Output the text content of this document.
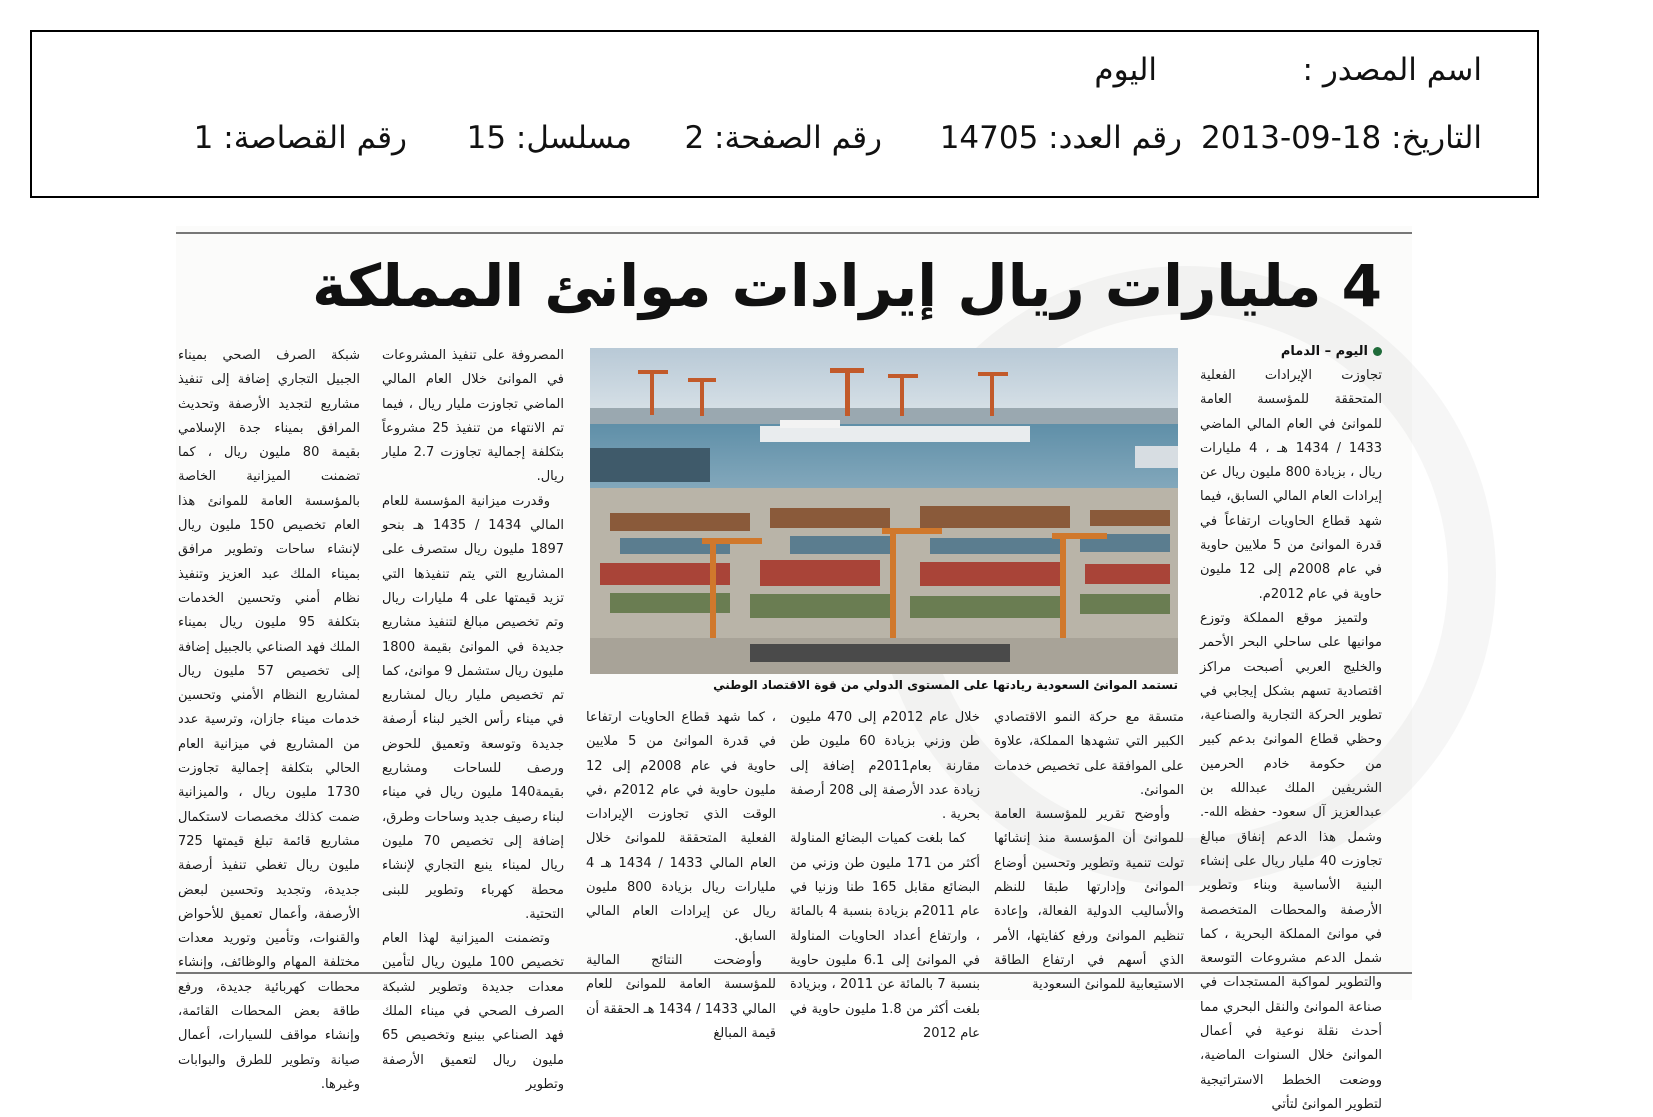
اسم المصدر :
اليوم
التاريخ: 18-09-2013
رقم العدد: 14705
رقم الصفحة: 2
مسلسل: 15
رقم القصاصة: 1
4 مليارات ريال إيرادات موانئ المملكة
اليوم – الدمام
تستمد الموانئ السعودية ريادتها على المستوى الدولي من قوة الاقتصاد الوطني

تجاوزت الإيرادات الفعلية المتحققة للمؤسسة العامة للموانئ في العام المالي الماضي 1433 / 1434 هـ ، 4 مليارات ريال ، بزيادة 800 مليون ريال عن إيرادات العام المالي السابق، فيما شهد قطاع الحاويات ارتفاعاً في قدرة الموانئ من 5 ملايين حاوية في عام 2008م إلى 12 مليون حاوية في عام 2012م.

ولتميز موقع المملكة وتوزع موانيها على ساحلي البحر الأحمر والخليج العربي أصبحت مراكز اقتصادية تسهم بشكل إيجابي في تطوير الحركة التجارية والصناعية، وحظي قطاع الموانئ بدعم كبير من حكومة خادم الحرمين الشريفين الملك عبدالله بن عبدالعزيز آل سعود- حفظه الله-. وشمل هذا الدعم إنفاق مبالغ تجاوزت 40 مليار ريال على إنشاء البنية الأساسية وبناء وتطوير الأرصفة والمحطات المتخصصة في موانئ المملكة البحرية ، كما شمل الدعم مشروعات التوسعة والتطوير لمواكبة المستجدات في صناعة الموانئ والنقل البحري مما أحدث نقلة نوعية في أعمال الموانئ خلال السنوات الماضية، ووضعت الخطط الاستراتيجية لتطوير الموانئ لتأتي

المصروفة على تنفيذ المشروعات في الموانئ خلال العام المالي الماضي تجاوزت مليار ريال ، فيما تم الانتهاء من تنفيذ 25 مشروعاً بتكلفة إجمالية تجاوزت 2.7 مليار ريال.

وقدرت ميزانية المؤسسة للعام المالي 1434 / 1435 هـ بنحو 1897 مليون ريال ستصرف على المشاريع التي يتم تنفيذها التي تزيد قيمتها على 4 مليارات ريال وتم تخصيص مبالغ لتنفيذ مشاريع جديدة في الموانئ بقيمة 1800 مليون ريال ستشمل 9 موانئ، كما تم تخصيص مليار ريال لمشاريع في ميناء رأس الخير لبناء أرصفة جديدة وتوسعة وتعميق للحوض ورصف للساحات ومشاريع بقيمة140 مليون ريال في ميناء لبناء رصيف جديد وساحات وطرق، إضافة إلى تخصيص 70 مليون ريال لميناء ينبع التجاري لإنشاء محطة كهرباء وتطوير للبنى التحتية.

وتضمنت الميزانية لهذا العام تخصيص 100 مليون ريال لتأمين معدات جديدة وتطوير لشبكة الصرف الصحي في ميناء الملك فهد الصناعي بينبع وتخصيص 65 مليون ريال لتعميق الأرصفة وتطوير

شبكة الصرف الصحي بميناء الجبيل التجاري إضافة إلى تنفيذ مشاريع لتجديد الأرصفة وتحديث المرافق بميناء جدة الإسلامي بقيمة 80 مليون ريال ، كما تضمنت الميزانية الخاصة بالمؤسسة العامة للموانئ هذا العام تخصيص 150 مليون ريال لإنشاء ساحات وتطوير مرافق بميناء الملك عبد العزيز وتنفيذ نظام أمني وتحسين الخدمات بتكلفة 95 مليون ريال بميناء الملك فهد الصناعي بالجبيل إضافة إلى تخصيص 57 مليون ريال لمشاريع النظام الأمني وتحسين خدمات ميناء جازان، وترسية عدد من المشاريع في ميزانية العام الحالي بتكلفة إجمالية تجاوزت 1730 مليون ريال ، والميزانية ضمت كذلك مخصصات لاستكمال مشاريع قائمة تبلغ قيمتها 725 مليون ريال تغطي تنفيذ أرصفة جديدة، وتجديد وتحسين لبعض الأرصفة، وأعمال تعميق للأحواض والقنوات، وتأمين وتوريد معدات مختلفة المهام والوظائف، وإنشاء محطات كهربائية جديدة، ورفع طاقة بعض المحطات القائمة، وإنشاء مواقف للسيارات، أعمال صيانة وتطوير للطرق والبوابات وغيرها.

، كما شهد قطاع الحاويات ارتفاعا في قدرة الموانئ من 5 ملايين حاوية في عام 2008م إلى 12 مليون حاوية في عام 2012م ،في الوقت الذي تجاوزت الإيرادات الفعلية المتحققة للموانئ خلال العام المالي 1433 / 1434 هـ 4 مليارات ريال بزيادة 800 مليون ريال عن إيرادات العام المالي السابق.

وأوضحت النتائج المالية للمؤسسة العامة للموانئ للعام المالي 1433 / 1434 هـ الحققة أن قيمة المبالغ

خلال عام 2012م إلى 470 مليون طن وزني بزيادة 60 مليون طن مقارنة بعام2011م إضافة إلى زيادة عدد الأرصفة إلى 208 أرصفة بحرية .

كما بلغت كميات البضائع المناولة أكثر من 171 مليون طن وزني من البضائع مقابل 165 طنا وزنيا في عام 2011م بزيادة بنسبة 4 بالمائة ، وارتفاع أعداد الحاويات المناولة في الموانئ إلى 6.1 مليون حاوية بنسبة 7 بالمائة عن 2011 ، وبزيادة بلغت أكثر من 1.8 مليون حاوية في عام 2012

متسقة مع حركة النمو الاقتصادي الكبير التي تشهدها المملكة، علاوة على الموافقة على تخصيص خدمات الموانئ.

وأوضح تقرير للمؤسسة العامة للموانئ أن المؤسسة منذ إنشائها تولت تنمية وتطوير وتحسين أوضاع الموانئ وإدارتها طبقا للنظم والأساليب الدولية الفعالة، وإعادة تنظيم الموانئ ورفع كفايتها، الأمر الذي أسهم في ارتفاع الطاقة الاستيعابية للموانئ السعودية
